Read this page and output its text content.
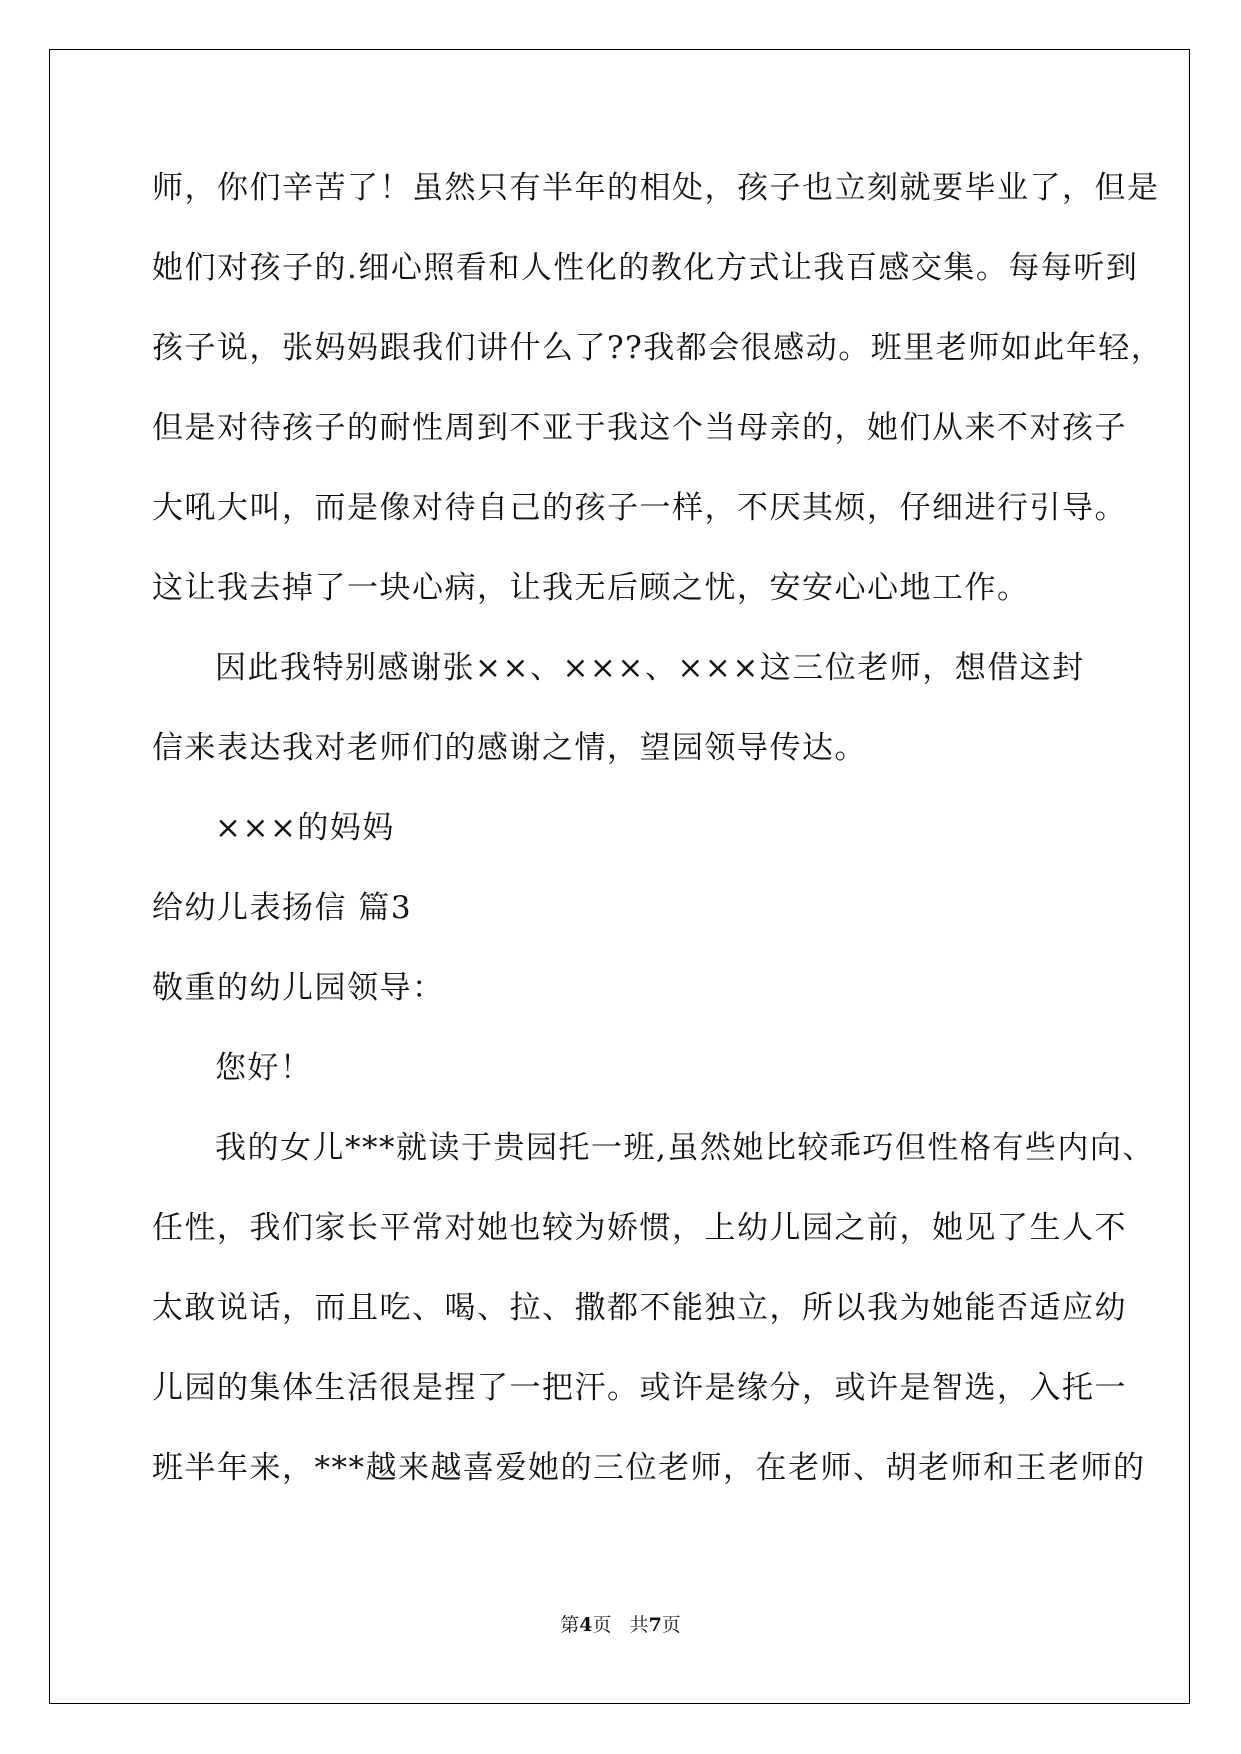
师，你们辛苦了！虽然只有半年的相处，孩子也立刻就要毕业了，但是
她们对孩子的.细心照看和人性化的教化方式让我百感交集。每每听到
孩子说，张妈妈跟我们讲什么了??我都会很感动。班里老师如此年轻，
但是对待孩子的耐性周到不亚于我这个当母亲的，她们从来不对孩子
大吼大叫，而是像对待自己的孩子一样，不厌其烦，仔细进行引导。
这让我去掉了一块心病，让我无后顾之忧，安安心心地工作。
因此我特别感谢张××、×××、×××这三位老师，想借这封
信来表达我对老师们的感谢之情，望园领导传达。
×××的妈妈
给幼儿表扬信 篇3
敬重的幼儿园领导：
您好！
我的女儿***就读于贵园托一班,虽然她比较乖巧但性格有些内向、
任性，我们家长平常对她也较为娇惯，上幼儿园之前，她见了生人不
太敢说话，而且吃、喝、拉、撒都不能独立，所以我为她能否适应幼
儿园的集体生活很是捏了一把汗。或许是缘分，或许是智选，入托一
班半年来，***越来越喜爱她的三位老师，在老师、胡老师和王老师的
第4页   共7页
